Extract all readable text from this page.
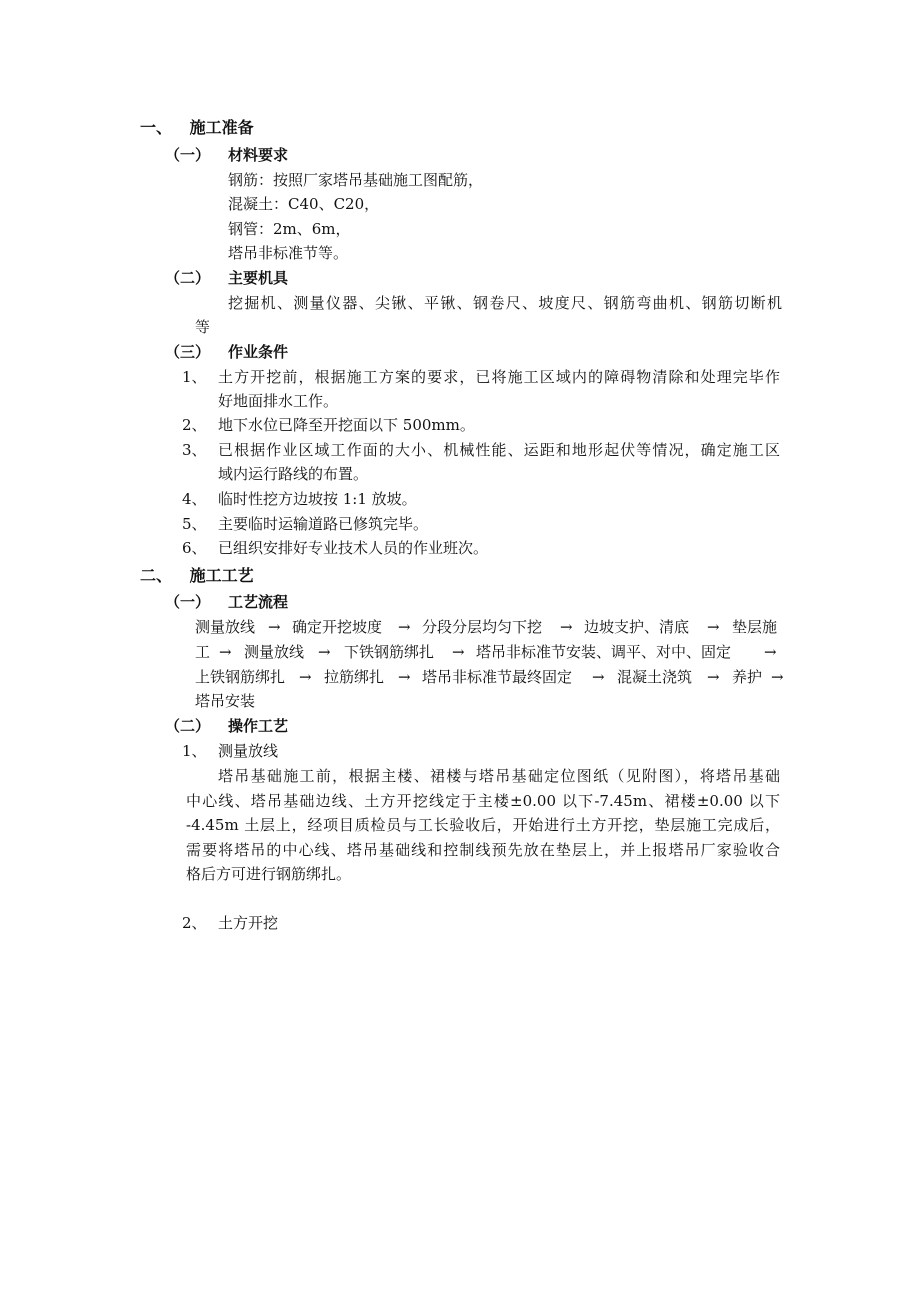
一、 施工准备
（一） 材料要求
钢筋：按照厂家塔吊基础施工图配筋，
混凝土：C40、C20，
钢管：2m、6m，
塔吊非标准节等。
（二） 主要机具
挖掘机、测量仪器、尖锹、平锹、钢卷尺、坡度尺、钢筋弯曲机、钢筋切断机
等
（三） 作业条件
1、 土方开挖前，根据施工方案的要求，已将施工区域内的障碍物清除和处理完毕作
好地面排水工作。
2、 地下水位已降至开挖面以下 500mm。
3、 已根据作业区域工作面的大小、机械性能、运距和地形起伏等情况，确定施工区
域内运行路线的布置。
4、 临时性挖方边坡按 1:1 放坡。
5、 主要临时运输道路已修筑完毕。
6、 已组织安排好专业技术人员的作业班次。
二、 施工工艺
（一） 工艺流程
测量放线 → 确定开挖坡度 → 分段分层均匀下挖 → 边坡支护、清底 → 垫层施
工 → 测量放线 → 下铁钢筋绑扎 → 塔吊非标准节安装、调平、对中、固定 →
上铁钢筋绑扎 → 拉筋绑扎 → 塔吊非标准节最终固定 → 混凝土浇筑 → 养护 →
塔吊安装
（二） 操作工艺
1、 测量放线
塔吊基础施工前，根据主楼、裙楼与塔吊基础定位图纸（见附图），将塔吊基础
中心线、塔吊基础边线、土方开挖线定于主楼±0.00 以下-7.45m、裙楼±0.00 以下
-4.45m 土层上，经项目质检员与工长验收后，开始进行土方开挖，垫层施工完成后，
需要将塔吊的中心线、塔吊基础线和控制线预先放在垫层上，并上报塔吊厂家验收合
格后方可进行钢筋绑扎。
2、 土方开挖
